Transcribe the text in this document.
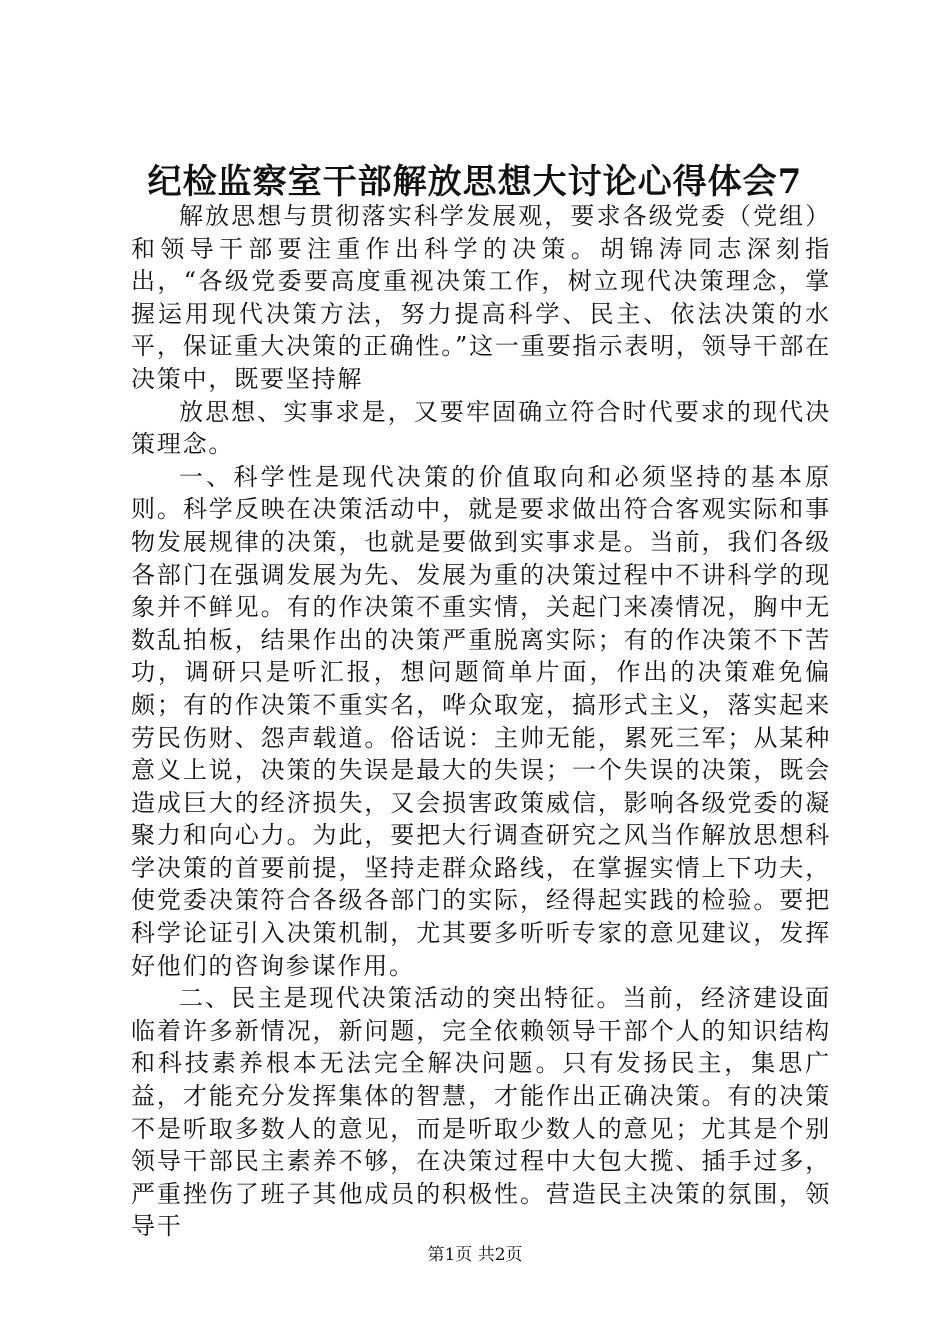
纪检监察室干部解放思想大讨论心得体会7

解放思想与贯彻落实科学发展观，要求各级党委（党组）和领导干部要注重作出科学的决策。胡锦涛同志深刻指出，“各级党委要高度重视决策工作，树立现代决策理念，掌握运用现代决策方法，努力提高科学、民主、依法决策的水平，保证重大决策的正确性。”这一重要指示表明，领导干部在决策中，既要坚持解

放思想、实事求是，又要牢固确立符合时代要求的现代决策理念。

一、科学性是现代决策的价值取向和必须坚持的基本原则。科学反映在决策活动中，就是要求做出符合客观实际和事物发展规律的决策，也就是要做到实事求是。当前，我们各级各部门在强调发展为先、发展为重的决策过程中不讲科学的现象并不鲜见。有的作决策不重实情，关起门来凑情况，胸中无数乱拍板，结果作出的决策严重脱离实际；有的作决策不下苦功，调研只是听汇报，想问题简单片面，作出的决策难免偏颇；有的作决策不重实名，哗众取宠，搞形式主义，落实起来劳民伤财、怨声载道。俗话说：主帅无能，累死三军；从某种意义上说，决策的失误是最大的失误；一个失误的决策，既会造成巨大的经济损失，又会损害政策威信，影响各级党委的凝聚力和向心力。为此，要把大行调查研究之风当作解放思想科学决策的首要前提，坚持走群众路线，在掌握实情上下功夫，使党委决策符合各级各部门的实际，经得起实践的检验。要把科学论证引入决策机制，尤其要多听听专家的意见建议，发挥好他们的咨询参谋作用。

二、民主是现代决策活动的突出特征。当前，经济建设面临着许多新情况，新问题，完全依赖领导干部个人的知识结构和科技素养根本无法完全解决问题。只有发扬民主，集思广益，才能充分发挥集体的智慧，才能作出正确决策。有的决策不是听取多数人的意见，而是听取少数人的意见；尤其是个别领导干部民主素养不够，在决策过程中大包大揽、插手过多，严重挫伤了班子其他成员的积极性。营造民主决策的氛围，领导干

第1页 共2页
